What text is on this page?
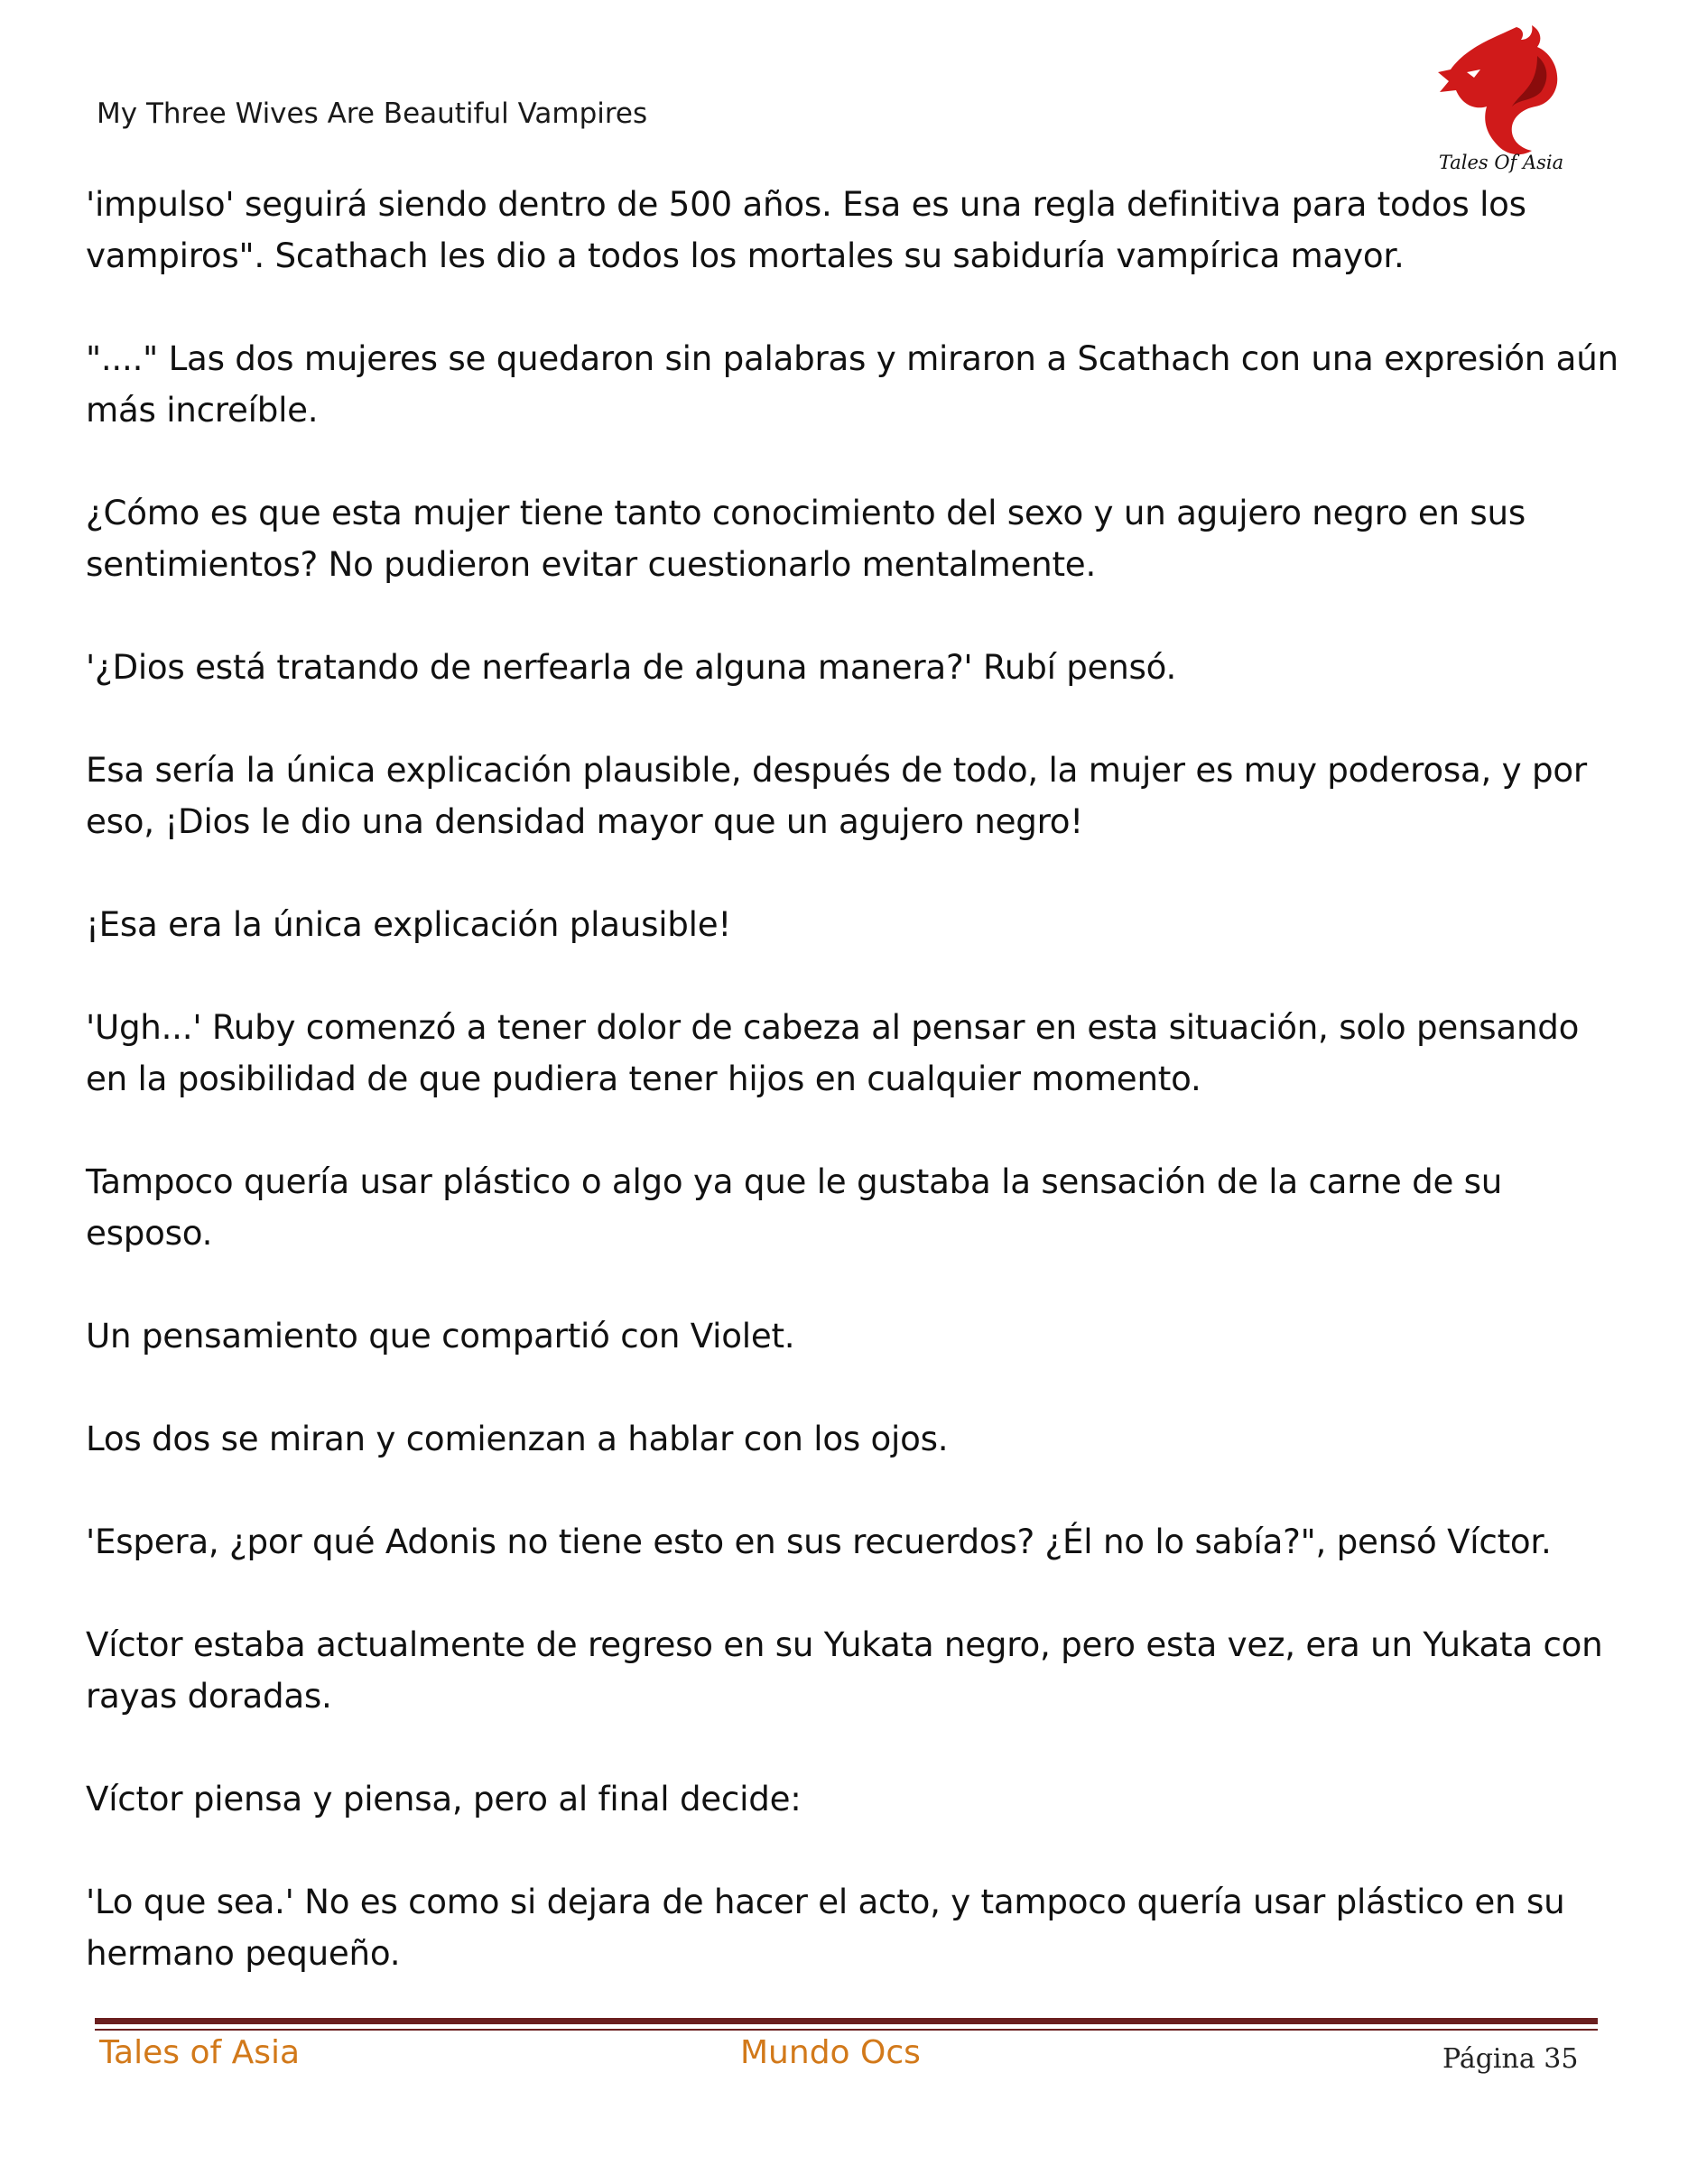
My Three Wives Are Beautiful Vampires
Tales Of Asia

'impulso' seguirá siendo dentro de 500 años. Esa es una regla definitiva para todos los vampiros". Scathach les dio a todos los mortales su sabiduría vampírica mayor.

"...." Las dos mujeres se quedaron sin palabras y miraron a Scathach con una expresión aún más increíble.

¿Cómo es que esta mujer tiene tanto conocimiento del sexo y un agujero negro en sus sentimientos? No pudieron evitar cuestionarlo mentalmente.

'¿Dios está tratando de nerfearla de alguna manera?' Rubí pensó.

Esa sería la única explicación plausible, después de todo, la mujer es muy poderosa, y por eso, ¡Dios le dio una densidad mayor que un agujero negro!

¡Esa era la única explicación plausible!

'Ugh...' Ruby comenzó a tener dolor de cabeza al pensar en esta situación, solo pensando en la posibilidad de que pudiera tener hijos en cualquier momento.

Tampoco quería usar plástico o algo ya que le gustaba la sensación de la carne de su esposo.

Un pensamiento que compartió con Violet.

Los dos se miran y comienzan a hablar con los ojos.

'Espera, ¿por qué Adonis no tiene esto en sus recuerdos? ¿Él no lo sabía?", pensó Víctor.

Víctor estaba actualmente de regreso en su Yukata negro, pero esta vez, era un Yukata con rayas doradas.

Víctor piensa y piensa, pero al final decide:

'Lo que sea.' No es como si dejara de hacer el acto, y tampoco quería usar plástico en su hermano pequeño.

Tales of Asia	Mundo Ocs	Página 35
